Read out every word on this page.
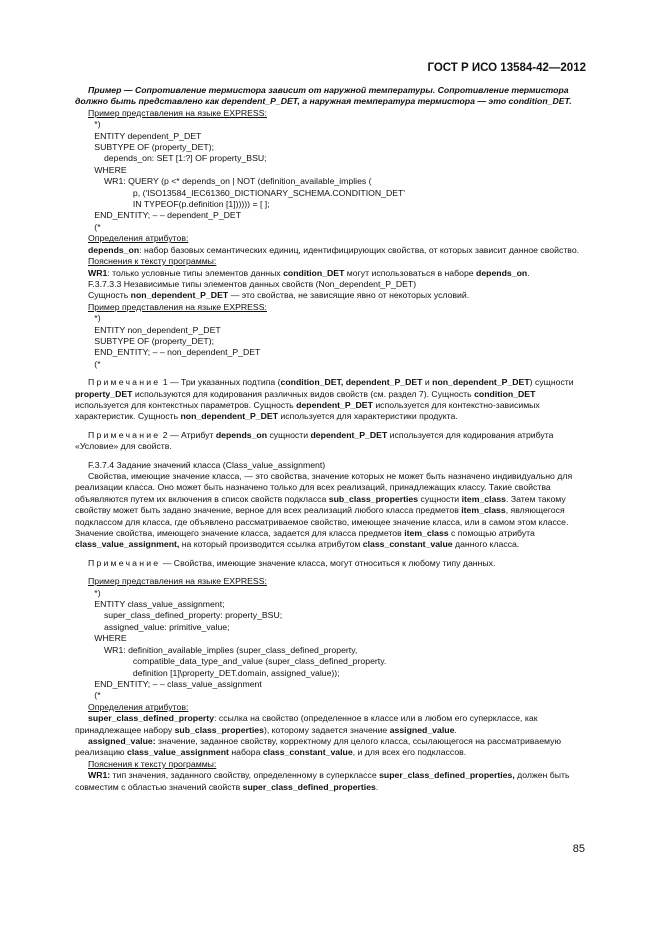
ГОСТ Р ИСО 13584-42—2012

Пример — Сопротивление термистора зависит от наружной температуры. Сопротивление термистора должно быть представлено как dependent_P_DET, а наружная температура термистора — это condition_DET.

Пример представления на языке EXPRESS:

*)
ENTITY dependent_P_DET
SUBTYPE OF (property_DET);
depends_on: SET [1:?] OF property_BSU;
WHERE
WR1: QUERY (p <* depends_on | NOT (definition_available_implies (
p, ('ISO13584_IEC61360_DICTIONARY_SCHEMA.CONDITION_DET'
IN TYPEOF(p.definition [1]))))) = [ ];
END_ENTITY; – – dependent_P_DET
(*

Определения атрибутов:

depends_on: набор базовых семантических единиц, идентифицирующих свойства, от которых зависит данное свойство.

Пояснения к тексту программы:

WR1: только условные типы элементов данных condition_DET могут использоваться в наборе depends_on.

F.3.7.3.3 Независимые типы элементов данных свойств (Non_dependent_P_DET)

Сущность non_dependent_P_DET — это свойства, не зависящие явно от некоторых условий.

Пример представления на языке EXPRESS:

*)
ENTITY non_dependent_P_DET
SUBTYPE OF (property_DET);
END_ENTITY; – – non_dependent_P_DET
(*

Примечание 1 — Три указанных подтипа (condition_DET, dependent_P_DET и non_dependent_P_DET) сущности property_DET используются для кодирования различных видов свойств (см. раздел 7). Сущность condition_DET используется для контекстных параметров. Сущность dependent_P_DET используется для контекстно-зависимых характеристик. Сущность non_dependent_P_DET используется для характеристики продукта.

Примечание 2 — Атрибут depends_on сущности dependent_P_DET используется для кодирования атрибута «Условие» для свойств.

F.3.7.4 Задание значений класса (Class_value_assignment)

Свойства, имеющие значение класса, — это свойства, значение которых не может быть назначено индивидуально для реализации класса. Оно может быть назначено только для всех реализаций, принадлежащих классу. Такие свойства объявляются путем их включения в список свойств подкласса sub_class_properties сущности item_class. Затем такому свойству может быть задано значение, верное для всех реализаций любого класса предметов item_class, являющегося подклассом для класса, где объявлено рассматриваемое свойство, имеющее значение класса, или в самом этом классе. Значение свойства, имеющего значение класса, задается для класса предметов item_class с помощью атрибута class_value_assignment, на который производится ссылка атрибутом class_constant_value данного класса.

Примечание — Свойства, имеющие значение класса, могут относиться к любому типу данных.

Пример представления на языке EXPRESS:

*)
ENTITY class_value_assignment;
super_class_defined_property: property_BSU;
assigned_value: primitive_value;
WHERE
WR1: definition_available_implies (super_class_defined_property,
compatible_data_type_and_value (super_class_defined_property.
definition [1]\property_DET.domain, assigned_value));
END_ENTITY; – – class_value_assignment
(*

Определения атрибутов:

super_class_defined_property: ссылка на свойство (определенное в классе или в любом его суперклассе, как принадлежащее набору sub_class_properties), которому задается значение assigned_value.

assigned_value: значение, заданное свойству, корректному для целого класса, ссылающегося на рассматриваемую реализацию class_value_assignment набора class_constant_value, и для всех его подклассов.

Пояснения к тексту программы:

WR1: тип значения, заданного свойству, определенному в суперклассе super_class_defined_properties, должен быть совместим с областью значений свойств super_class_defined_properties.

85
